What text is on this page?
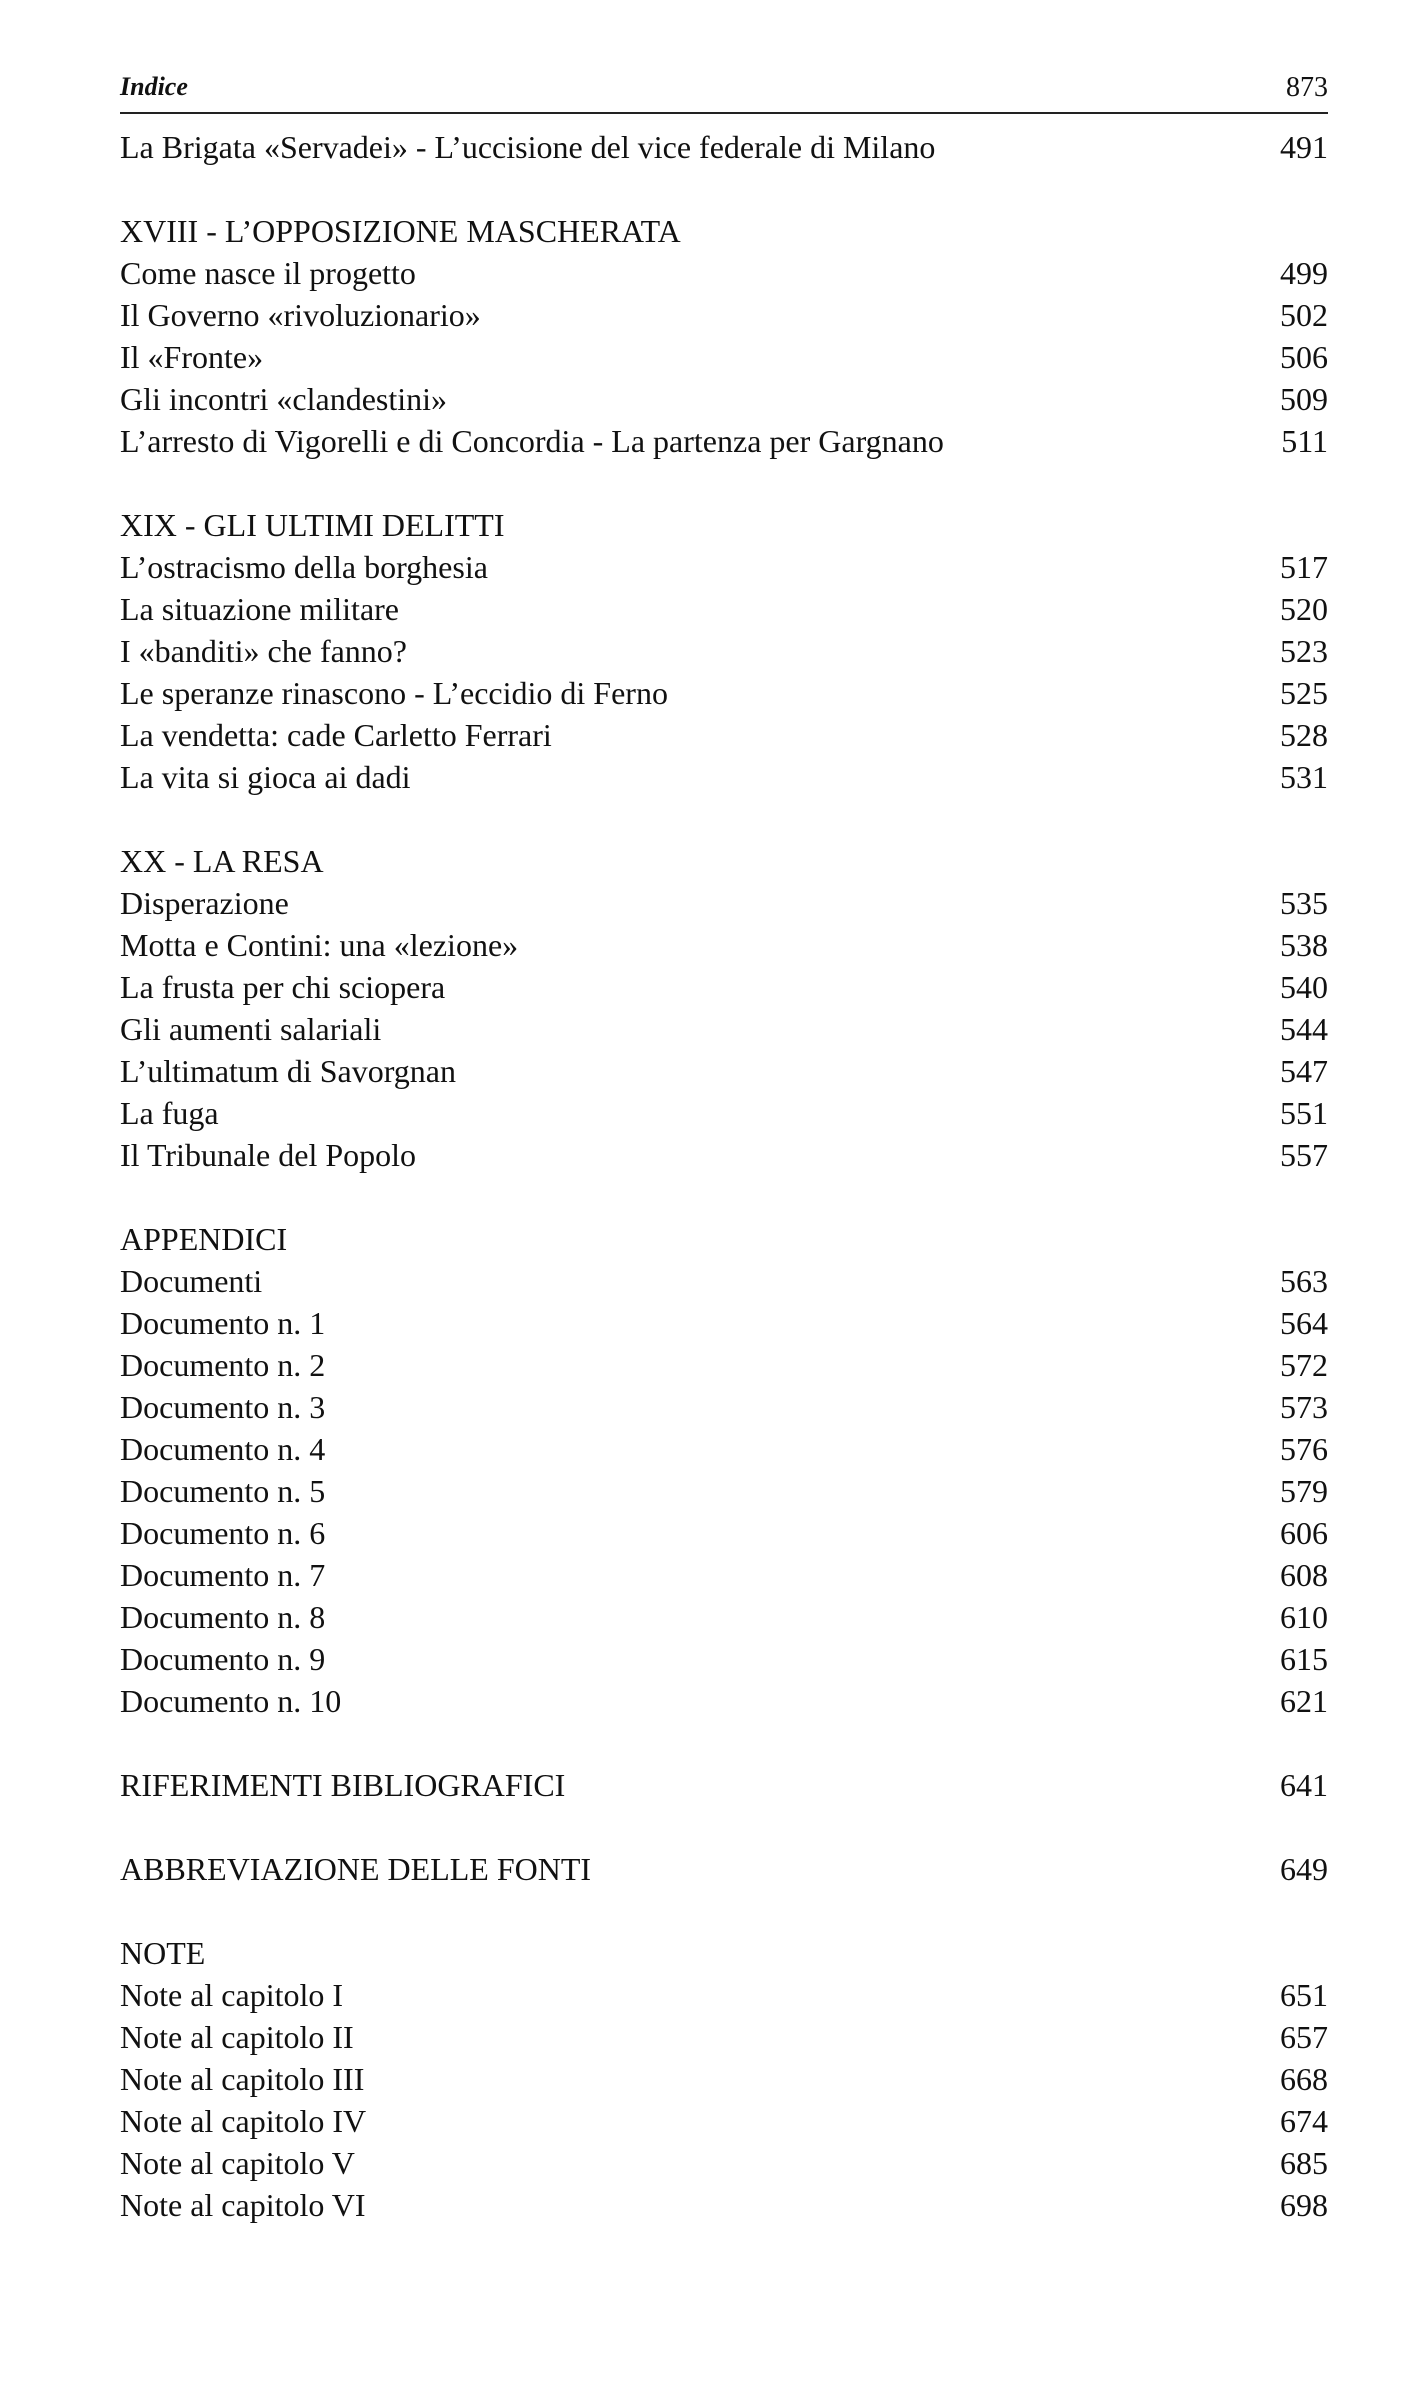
Indice	873
La Brigata «Servadei» - L’uccisione del vice federale di Milano	491
XVIII - L’OPPOSIZIONE MASCHERATA
Come nasce il progetto	499
Il Governo «rivoluzionario»	502
Il «Fronte»	506
Gli incontri «clandestini»	509
L’arresto di Vigorelli e di Concordia - La partenza per Gargnano	511
XIX - GLI ULTIMI DELITTI
L’ostracismo della borghesia	517
La situazione militare	520
I «banditi» che fanno?	523
Le speranze rinascono - L’eccidio di Ferno	525
La vendetta: cade Carletto Ferrari	528
La vita si gioca ai dadi	531
XX - LA RESA
Disperazione	535
Motta e Contini: una «lezione»	538
La frusta per chi sciopera	540
Gli aumenti salariali	544
L’ultimatum di Savorgnan	547
La fuga	551
Il Tribunale del Popolo	557
APPENDICI
Documenti	563
Documento n. 1	564
Documento n. 2	572
Documento n. 3	573
Documento n. 4	576
Documento n. 5	579
Documento n. 6	606
Documento n. 7	608
Documento n. 8	610
Documento n. 9	615
Documento n. 10	621
RIFERIMENTI BIBLIOGRAFICI	641
ABBREVIAZIONE DELLE FONTI	649
NOTE
Note al capitolo I	651
Note al capitolo II	657
Note al capitolo III	668
Note al capitolo IV	674
Note al capitolo V	685
Note al capitolo VI	698
